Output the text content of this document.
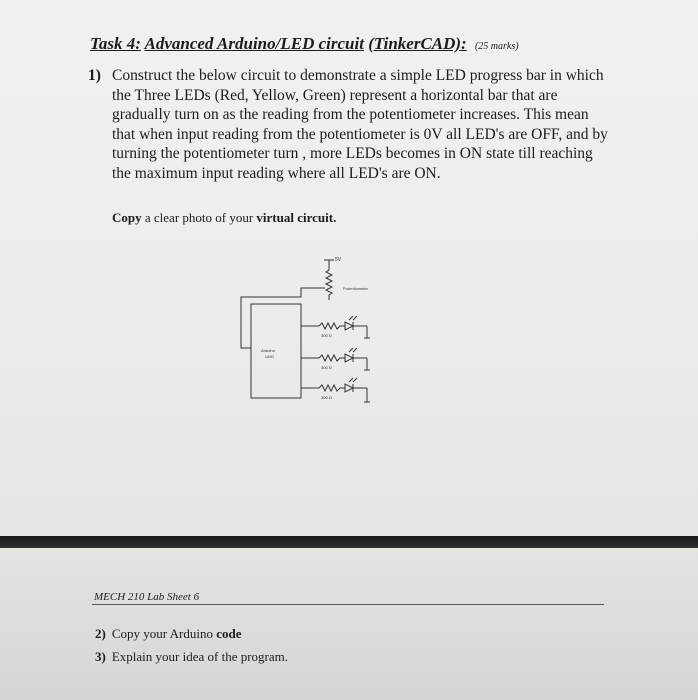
Task 4: Advanced Arduino/LED circuit (TinkerCAD): (25 marks)
1) Construct the below circuit to demonstrate a simple LED progress bar in which the Three LEDs (Red, Yellow, Green) represent a horizontal bar that are gradually turn on as the reading from the potentiometer increases. This mean that when input reading from the potentiometer is 0V all LED's are OFF, and by turning the potentiometer turn , more LEDs becomes in ON state till reaching the maximum input reading where all LED's are ON.
Copy a clear photo of your virtual circuit.
5V
Potentiometer
Arduino
UNO
300 Ω
300 Ω
300 Ω
MECH 210 Lab Sheet 6
2) Copy your Arduino code
3) Explain your idea of the program.
